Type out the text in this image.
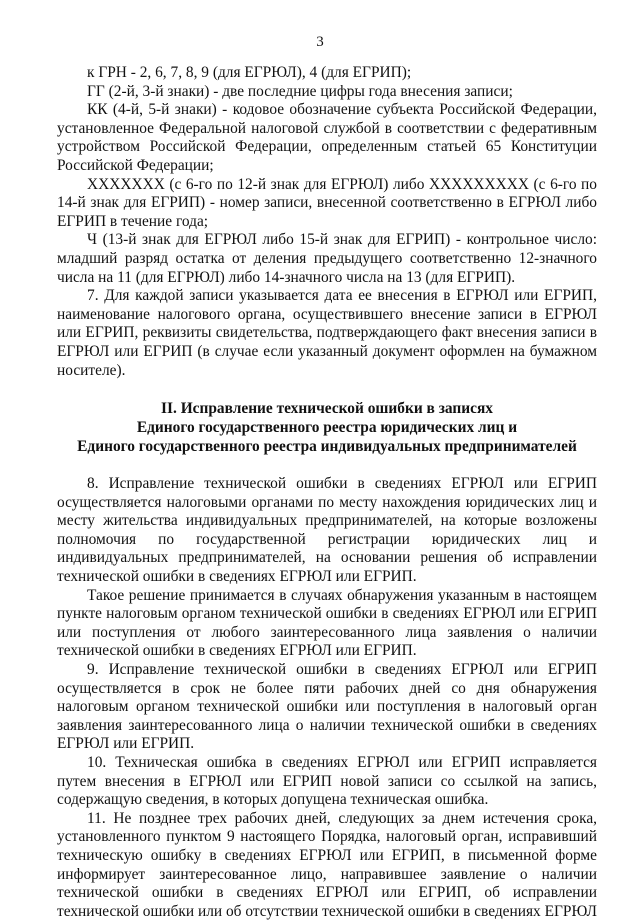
3

к ГРН - 2, 6, 7, 8, 9 (для ЕГРЮЛ), 4 (для ЕГРИП);

ГГ (2-й, 3-й знаки) - две последние цифры года внесения записи;

КК (4-й, 5-й знаки) - кодовое обозначение субъекта Российской Федерации, установленное Федеральной налоговой службой в соответствии с федеративным устройством Российской Федерации, определенным статьей 65 Конституции Российской Федерации;

ХХХХХХХ (с 6-го по 12-й знак для ЕГРЮЛ) либо ХХХХХХХХХ (с 6-го по 14-й знак для ЕГРИП) - номер записи, внесенной соответственно в ЕГРЮЛ либо ЕГРИП в течение года;

Ч (13-й знак для ЕГРЮЛ либо 15-й знак для ЕГРИП) - контрольное число: младший разряд остатка от деления предыдущего соответственно 12-значного числа на 11 (для ЕГРЮЛ) либо 14-значного числа на 13 (для ЕГРИП).

7. Для каждой записи указывается дата ее внесения в ЕГРЮЛ или ЕГРИП, наименование налогового органа, осуществившего внесение записи в ЕГРЮЛ или ЕГРИП, реквизиты свидетельства, подтверждающего факт внесения записи в ЕГРЮЛ или ЕГРИП (в случае если указанный документ оформлен на бумажном носителе).

II. Исправление технической ошибки в записях
Единого государственного реестра юридических лиц и
Единого государственного реестра индивидуальных предпринимателей

8. Исправление технической ошибки в сведениях ЕГРЮЛ или ЕГРИП осуществляется налоговыми органами по месту нахождения юридических лиц и месту жительства индивидуальных предпринимателей, на которые возложены полномочия по государственной регистрации юридических лиц и индивидуальных предпринимателей, на основании решения об исправлении технической ошибки в сведениях ЕГРЮЛ или ЕГРИП.

Такое решение принимается в случаях обнаружения указанным в настоящем пункте налоговым органом технической ошибки в сведениях ЕГРЮЛ или ЕГРИП или поступления от любого заинтересованного лица заявления о наличии технической ошибки в сведениях ЕГРЮЛ или ЕГРИП.

9. Исправление технической ошибки в сведениях ЕГРЮЛ или ЕГРИП осуществляется в срок не более пяти рабочих дней со дня обнаружения налоговым органом технической ошибки или поступления в налоговый орган заявления заинтересованного лица о наличии технической ошибки в сведениях ЕГРЮЛ или ЕГРИП.

10. Техническая ошибка в сведениях ЕГРЮЛ или ЕГРИП исправляется путем внесения в ЕГРЮЛ или ЕГРИП новой записи со ссылкой на запись, содержащую сведения, в которых допущена техническая ошибка.

11. Не позднее трех рабочих дней, следующих за днем истечения срока, установленного пунктом 9 настоящего Порядка, налоговый орган, исправивший техническую ошибку в сведениях ЕГРЮЛ или ЕГРИП, в письменной форме информирует заинтересованное лицо, направившее заявление о наличии технической ошибки в сведениях ЕГРЮЛ или ЕГРИП, об исправлении технической ошибки или об отсутствии технической ошибки в сведениях ЕГРЮЛ
